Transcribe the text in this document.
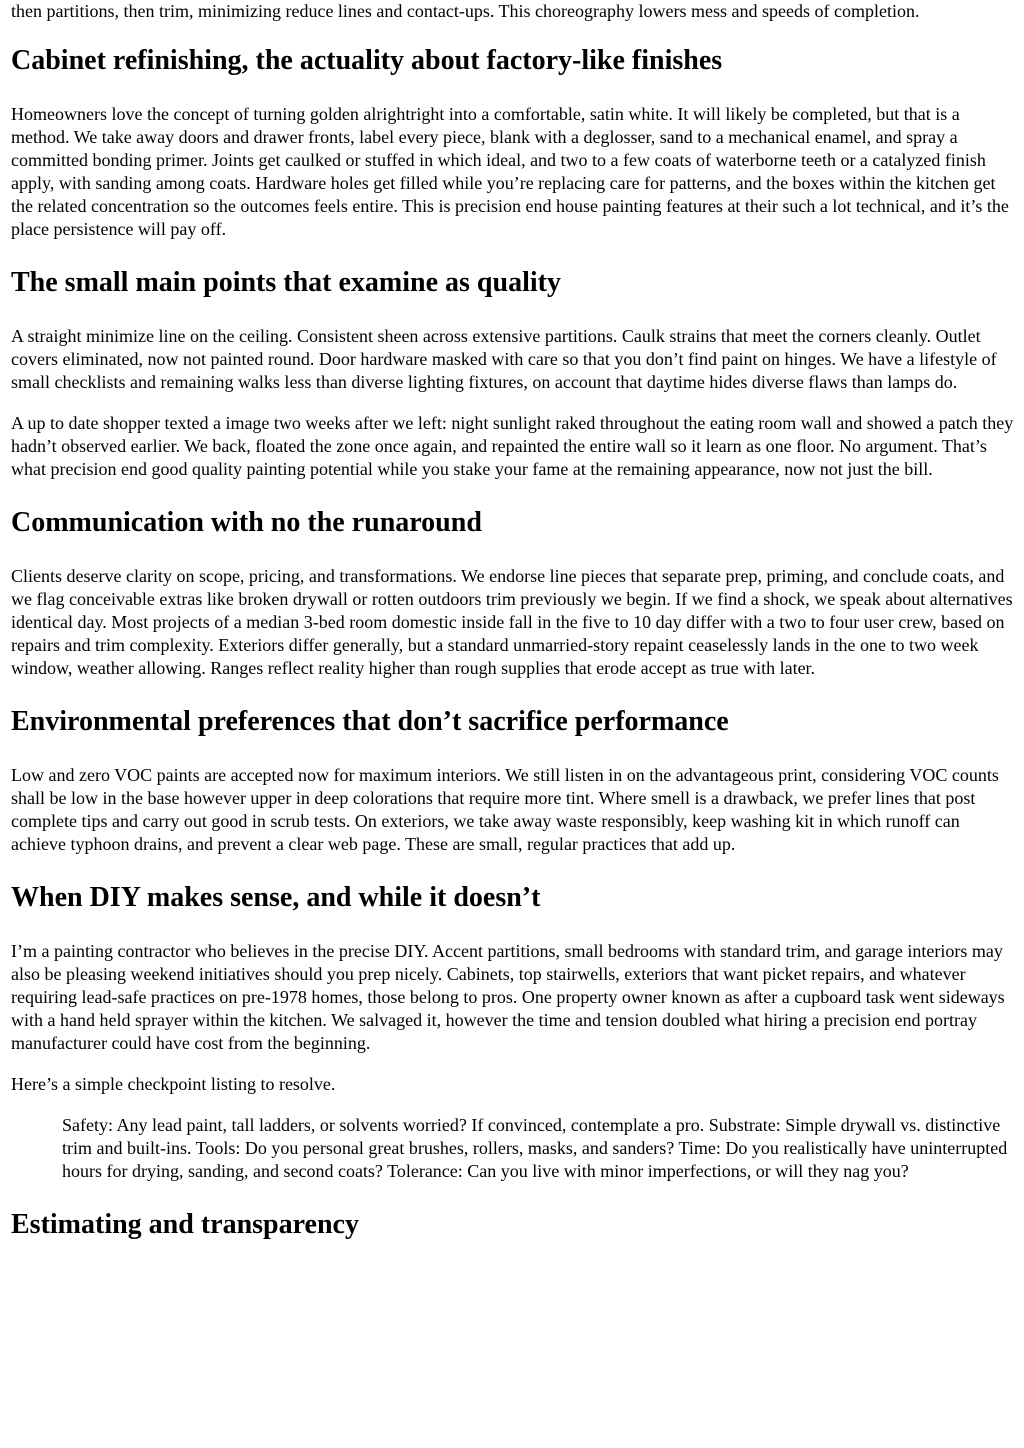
then partitions, then trim, minimizing reduce lines and contact-ups. This choreography lowers mess and speeds of completion.

Cabinet refinishing, the actuality about factory-like finishes

Homeowners love the concept of turning golden alrightright into a comfortable, satin white. It will likely be completed, but that is a method. We take away doors and drawer fronts, label every piece, blank with a deglosser, sand to a mechanical enamel, and spray a committed bonding primer. Joints get caulked or stuffed in which ideal, and two to a few coats of waterborne teeth or a catalyzed finish apply, with sanding among coats. Hardware holes get filled while you’re replacing care for patterns, and the boxes within the kitchen get the related concentration so the outcomes feels entire. This is precision end house painting features at their such a lot technical, and it’s the place persistence will pay off.

The small main points that examine as quality

A straight minimize line on the ceiling. Consistent sheen across extensive partitions. Caulk strains that meet the corners cleanly. Outlet covers eliminated, now not painted round. Door hardware masked with care so that you don’t find paint on hinges. We have a lifestyle of small checklists and remaining walks less than diverse lighting fixtures, on account that daytime hides diverse flaws than lamps do.

A up to date shopper texted a image two weeks after we left: night sunlight raked throughout the eating room wall and showed a patch they hadn’t observed earlier. We back, floated the zone once again, and repainted the entire wall so it learn as one floor. No argument. That’s what precision end good quality painting potential while you stake your fame at the remaining appearance, now not just the bill.

Communication with no the runaround

Clients deserve clarity on scope, pricing, and transformations. We endorse line pieces that separate prep, priming, and conclude coats, and we flag conceivable extras like broken drywall or rotten outdoors trim previously we begin. If we find a shock, we speak about alternatives identical day. Most projects of a median 3-bed room domestic inside fall in the five to 10 day differ with a two to four user crew, based on repairs and trim complexity. Exteriors differ generally, but a standard unmarried-story repaint ceaselessly lands in the one to two week window, weather allowing. Ranges reflect reality higher than rough supplies that erode accept as true with later.

Environmental preferences that don’t sacrifice performance

Low and zero VOC paints are accepted now for maximum interiors. We still listen in on the advantageous print, considering VOC counts shall be low in the base however upper in deep colorations that require more tint. Where smell is a drawback, we prefer lines that post complete tips and carry out good in scrub tests. On exteriors, we take away waste responsibly, keep washing kit in which runoff can achieve typhoon drains, and prevent a clear web page. These are small, regular practices that add up.

When DIY makes sense, and while it doesn’t

I’m a painting contractor who believes in the precise DIY. Accent partitions, small bedrooms with standard trim, and garage interiors may also be pleasing weekend initiatives should you prep nicely. Cabinets, top stairwells, exteriors that want picket repairs, and whatever requiring lead-safe practices on pre-1978 homes, those belong to pros. One property owner known as after a cupboard task went sideways with a hand held sprayer within the kitchen. We salvaged it, however the time and tension doubled what hiring a precision end portray manufacturer could have cost from the beginning.

Here’s a simple checkpoint listing to resolve.

Safety: Any lead paint, tall ladders, or solvents worried? If convinced, contemplate a pro. Substrate: Simple drywall vs. distinctive trim and built-ins. Tools: Do you personal great brushes, rollers, masks, and sanders? Time: Do you realistically have uninterrupted hours for drying, sanding, and second coats? Tolerance: Can you live with minor imperfections, or will they nag you?
Estimating and transparency
